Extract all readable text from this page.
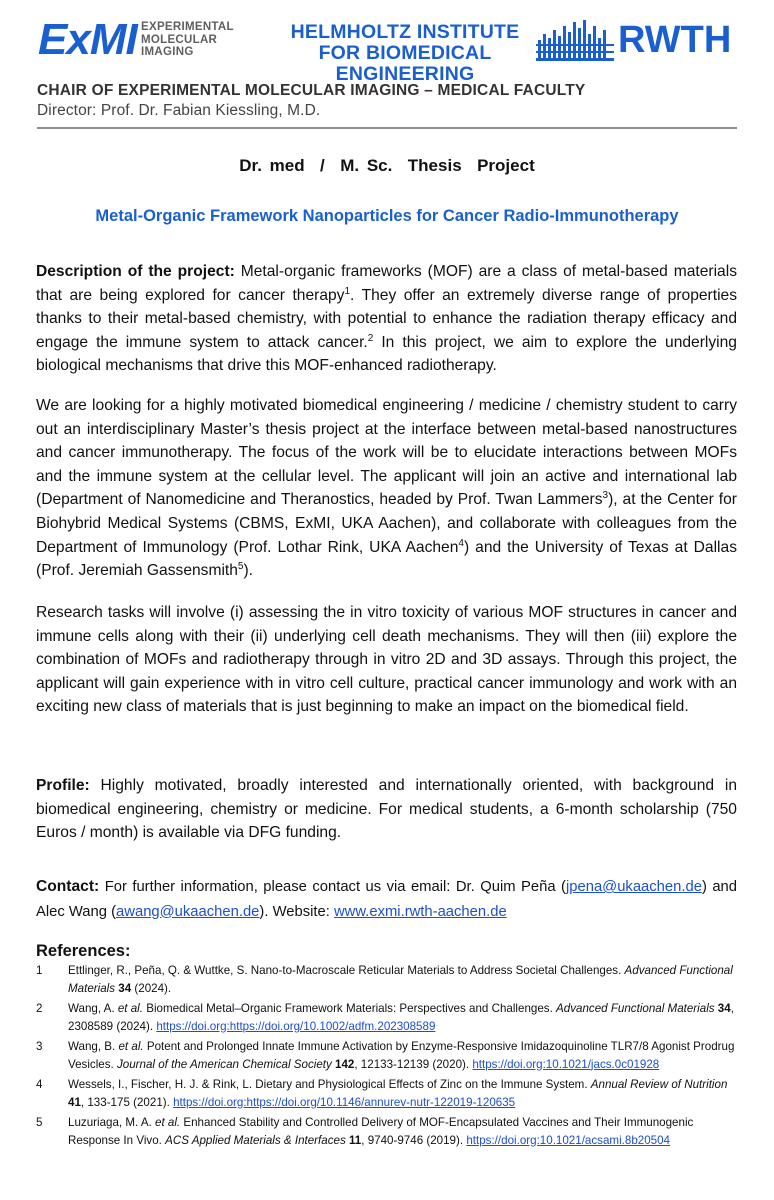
ExMI EXPERIMENTAL
MOLECULAR
IMAGING
HELMHOLTZ INSTITUTE
FOR BIOMEDICAL ENGINEERING
RWTH
CHAIR OF EXPERIMENTAL MOLECULAR IMAGING – MEDICAL FACULTY
Director: Prof. Dr. Fabian Kiessling, M.D.
Dr. med  /  M. Sc.  Thesis  Project
Metal-Organic Framework Nanoparticles for Cancer Radio-Immunotherapy
Description of the project: Metal-organic frameworks (MOF) are a class of metal-based materials that are being explored for cancer therapy$^1$. They offer an extremely diverse range of properties thanks to their metal-based chemistry, with potential to enhance the radiation therapy efficacy and engage the immune system to attack cancer.$^2$ In this project, we aim to explore the underlying biological mechanisms that drive this MOF-enhanced radiotherapy.
We are looking for a highly motivated biomedical engineering / medicine / chemistry student to carry out an interdisciplinary Master’s thesis project at the interface between metal-based nanostructures and cancer immunotherapy. The focus of the work will be to elucidate interactions between MOFs and the immune system at the cellular level. The applicant will join an active and international lab (Department of Nanomedicine and Theranostics, headed by Prof. Twan Lammers$^3$), at the Center for Biohybrid Medical Systems (CBMS, ExMI, UKA Aachen), and collaborate with colleagues from the Department of Immunology (Prof. Lothar Rink, UKA Aachen$^4$) and the University of Texas at Dallas (Prof. Jeremiah Gassensmith$^5$).
Research tasks will involve (i) assessing the in vitro toxicity of various MOF structures in cancer and immune cells along with their (ii) underlying cell death mechanisms. They will then (iii) explore the combination of MOFs and radiotherapy through in vitro 2D and 3D assays. Through this project, the applicant will gain experience with in vitro cell culture, practical cancer immunology and work with an exciting new class of materials that is just beginning to make an impact on the biomedical field.
Profile: Highly motivated, broadly interested and internationally oriented, with background in biomedical engineering, chemistry or medicine. For medical students, a 6-month scholarship (750 Euros / month) is available via DFG funding.
Contact: For further information, please contact us via email: Dr. Quim Peña (jpena@ukaachen.de) and Alec Wang (awang@ukaachen.de). Website: www.exmi.rwth-aachen.de
References:
1	Ettlinger, R., Peña, Q. & Wuttke, S. Nano-to-Macroscale Reticular Materials to Address Societal Challenges. Advanced Functional Materials 34 (2024).
2	Wang, A. et al. Biomedical Metal–Organic Framework Materials: Perspectives and Challenges. Advanced Functional Materials 34, 2308589 (2024). https://doi.org:https://doi.org/10.1002/adfm.202308589
3	Wang, B. et al. Potent and Prolonged Innate Immune Activation by Enzyme-Responsive Imidazoquinoline TLR7/8 Agonist Prodrug Vesicles. Journal of the American Chemical Society 142, 12133-12139 (2020). https://doi.org:10.1021/jacs.0c01928
4	Wessels, I., Fischer, H. J. & Rink, L. Dietary and Physiological Effects of Zinc on the Immune System. Annual Review of Nutrition 41, 133-175 (2021). https://doi.org:https://doi.org/10.1146/annurev-nutr-122019-120635
5	Luzuriaga, M. A. et al. Enhanced Stability and Controlled Delivery of MOF-Encapsulated Vaccines and Their Immunogenic Response In Vivo. ACS Applied Materials & Interfaces 11, 9740-9746 (2019). https://doi.org:10.1021/acsami.8b20504
